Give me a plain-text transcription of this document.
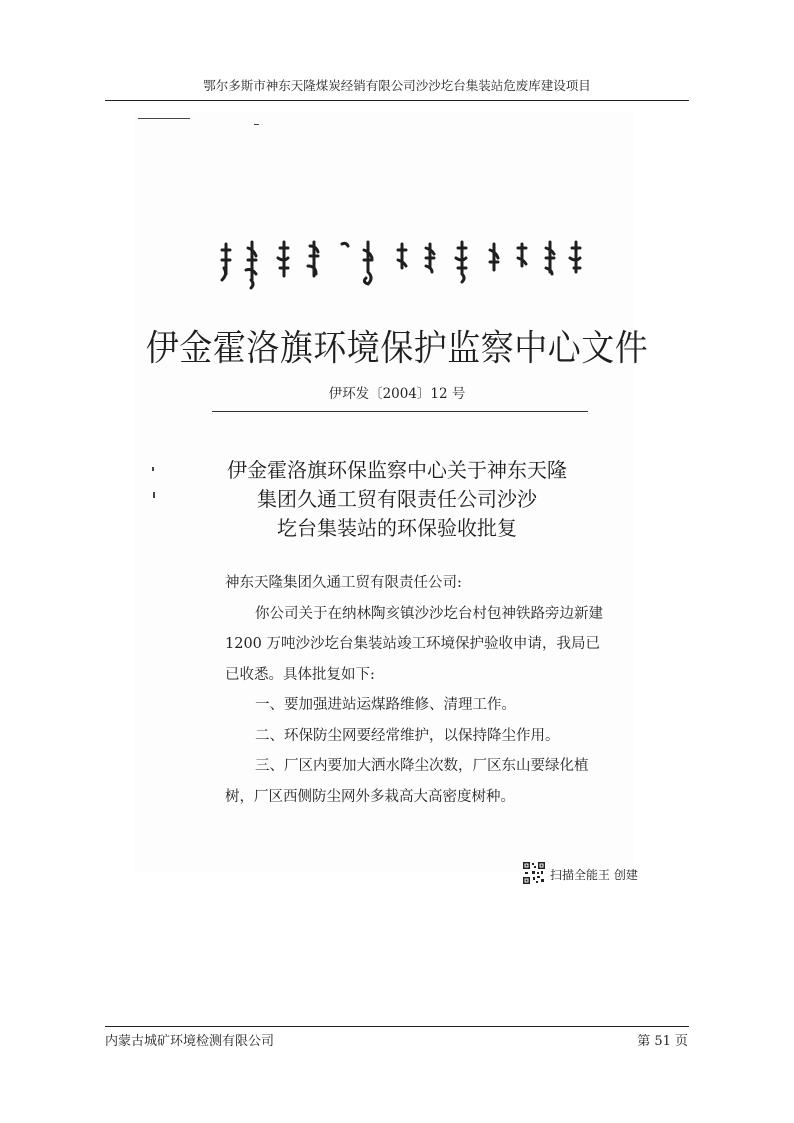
鄂尔多斯市神东天隆煤炭经销有限公司沙沙圪台集装站危废库建设项目
伊金霍洛旗环境保护监察中心文件
伊环发〔2004〕12 号
伊金霍洛旗环保监察中心关于神东天隆
集团久通工贸有限责任公司沙沙
圪台集装站的环保验收批复

神东天隆集团久通工贸有限责任公司:

你公司关于在纳林陶亥镇沙沙圪台村包神铁路旁边新建 1200 万吨沙沙圪台集装站竣工环境保护验收申请，我局已已收悉。具体批复如下:

一、要加强进站运煤路维修、清理工作。

二、环保防尘网要经常维护，以保持降尘作用。

三、厂区内要加大洒水降尘次数，厂区东山要绿化植树，厂区西侧防尘网外多栽高大高密度树种。

扫描全能王 创建
内蒙古城矿环境检测有限公司	第 51 页
